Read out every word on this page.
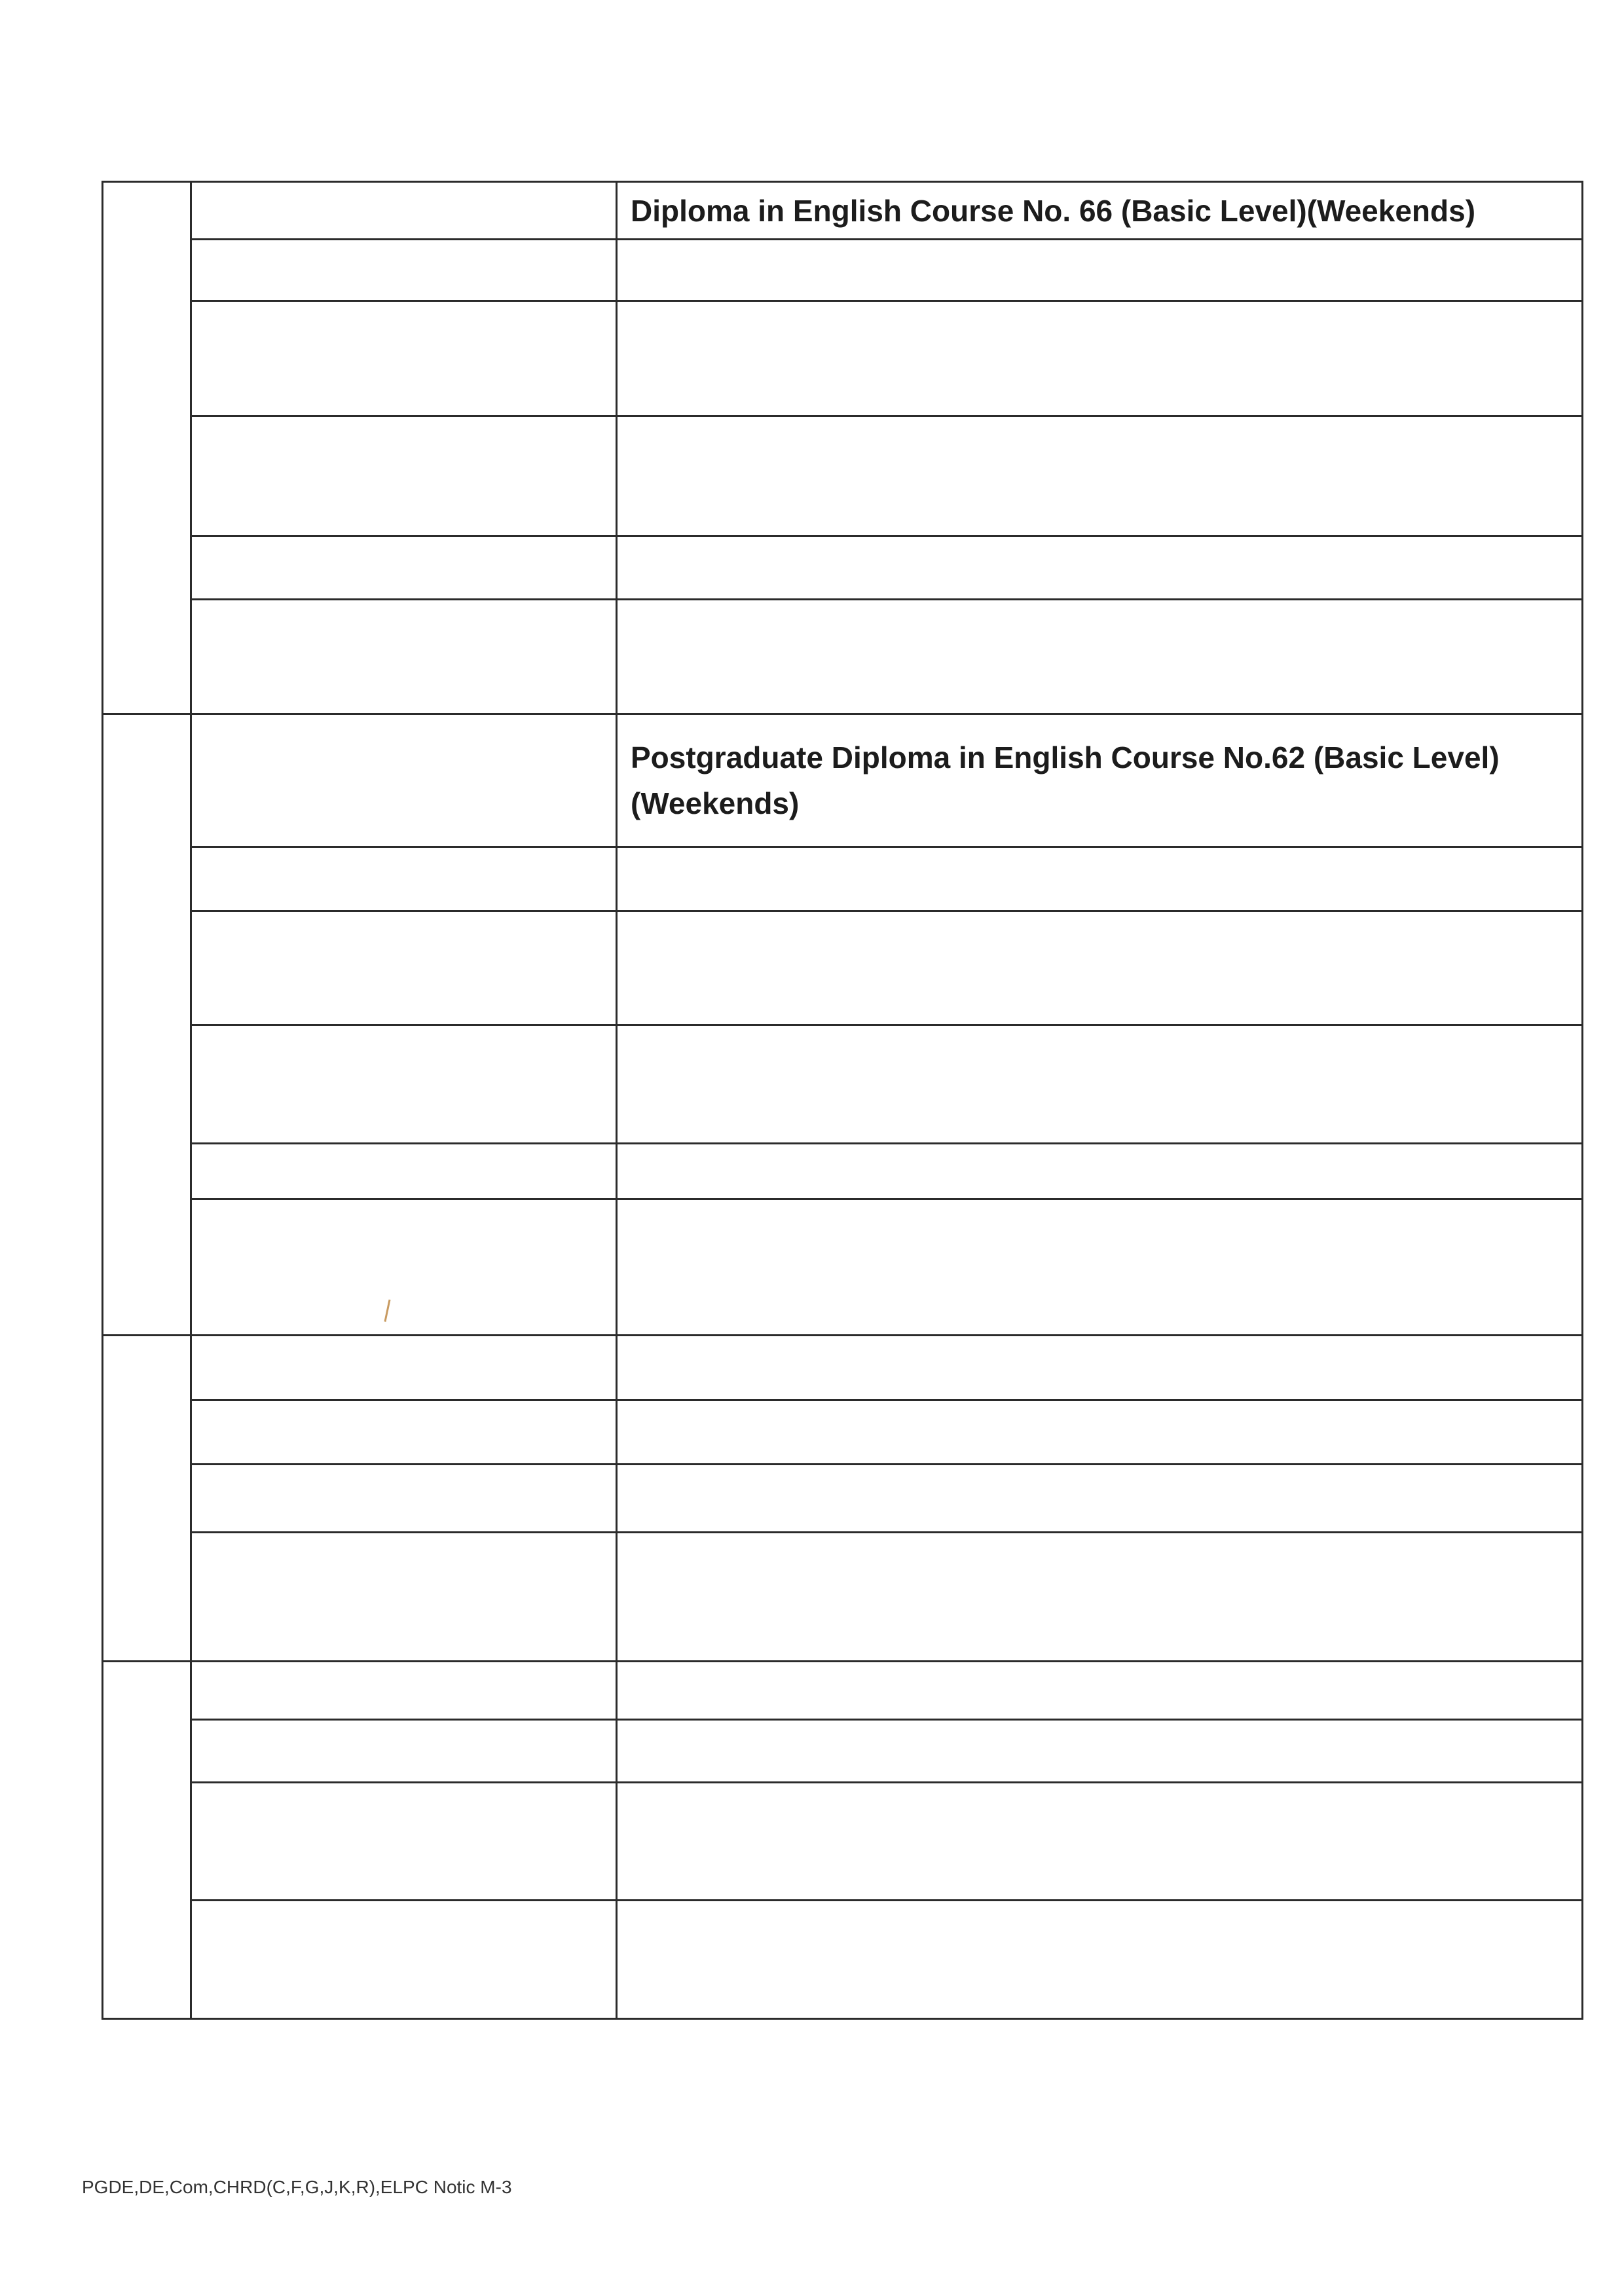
		Diploma in English Course No. 66 (Basic Level)(Weekends)

		Postgraduate Diploma in English Course No.62 (Basic Level) (Weekends)

PGDE,DE,Com,CHRD(C,F,G,J,K,R),ELPC Notic M-3
